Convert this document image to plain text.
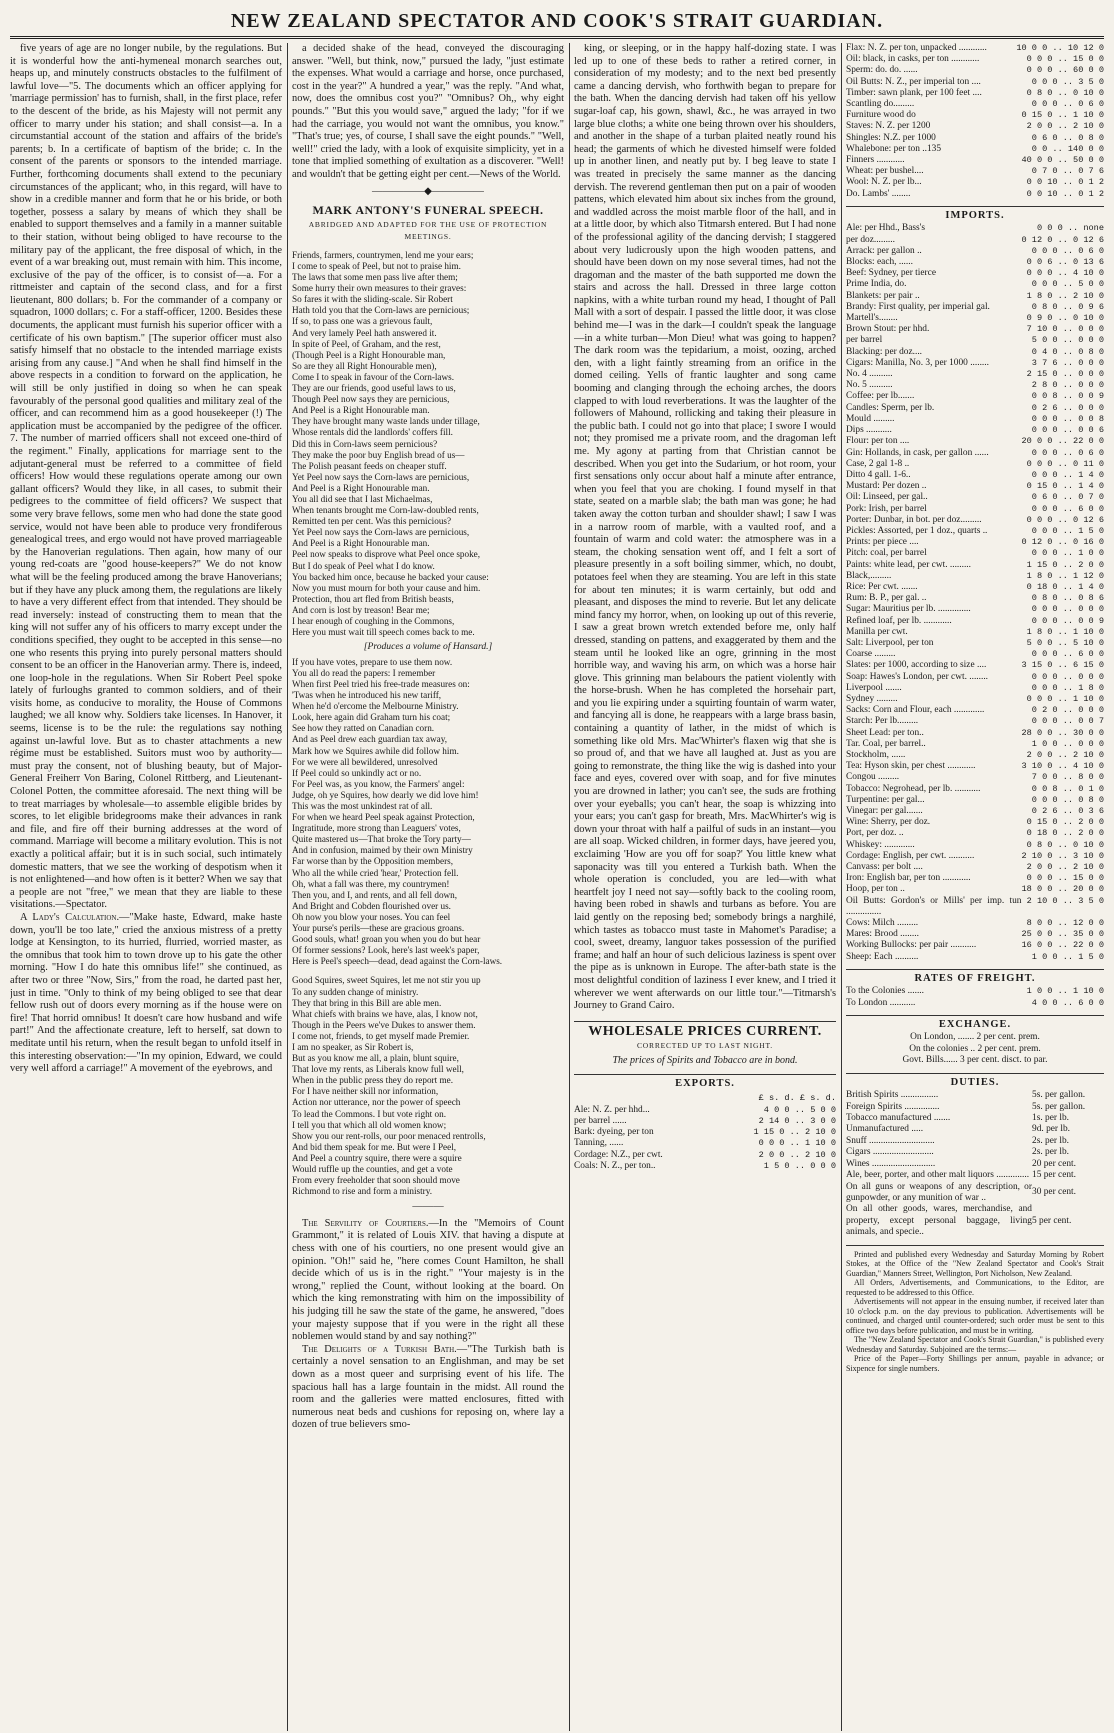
NEW ZEALAND SPECTATOR AND COOK'S STRAIT GUARDIAN.

five years of age are no longer nubile, by the regulations. But it is wonderful how the anti-hymeneal monarch searches out, heaps up, and minutely constructs obstacles to the fulfilment of lawful love—"5. The documents which an officer applying for 'marriage permission' has to furnish, shall, in the first place, refer to the descent of the bride, as his Majesty will not permit any officer to marry under his station; and shall consist—a. In a circumstantial account of the station and affairs of the bride's parents; b. In a certificate of baptism of the bride; c. In the consent of the parents or sponsors to the intended marriage. Further, forthcoming documents shall extend to the pecuniary circumstances of the applicant; who, in this regard, will have to show in a credible manner and form that he or his bride, or both together, possess a salary by means of which they shall be enabled to support themselves and a family in a manner suitable to their station, without being obliged to have recourse to the military pay of the applicant, the free disposal of which, in the event of a war breaking out, must remain with him. This income, exclusive of the pay of the officer, is to consist of—a. For a rittmeister and captain of the second class, and for a first lieutenant, 800 dollars; b. For the commander of a company or squadron, 1000 dollars; c. For a staff-officer, 1200. Besides these documents, the applicant must furnish his superior officer with a certificate of his own baptism." [The superior officer must also satisfy himself that no obstacle to the intended marriage exists arising from any cause.] "And when he shall find himself in the above respects in a condition to forward on the application, he will still be only justified in doing so when he can speak favourably of the personal good qualities and military zeal of the officer, and can recommend him as a good housekeeper (!) The application must be accompanied by the pedigree of the officer. 7. The number of married officers shall not exceed one-third of the regiment." Finally, applications for marriage sent to the adjutant-general must be referred to a committee of field officers! How would these regulations operate among our own gallant officers? Would they like, in all cases, to submit their pedigrees to the committee of field officers? We suspect that some very brave fellows, some men who had done the state good service, would not have been able to produce very frondiferous genealogical trees, and ergo would not have proved marriageable by the Hanoverian regulations. Then again, how many of our young red-coats are "good house-keepers?" We do not know what will be the feeling produced among the brave Hanoverians; but if they have any pluck among them, the regulations are likely to have a very different effect from that intended. They should be read inversely: instead of constructing them to mean that the king will not suffer any of his officers to marry except under the conditions specified, they ought to be accepted in this sense—no one who resents this prying into purely personal matters should consent to be an officer in the Hanoverian army. There is, indeed, one loop-hole in the regulations. When Sir Robert Peel spoke lately of furloughs granted to common soldiers, and of their visits home, as conducive to morality, the House of Commons laughed; we all know why. Soldiers take licenses. In Hanover, it seems, license is to be the rule: the regulations say nothing against un-lawful love. But as to chaster attachments a new régime must be established. Suitors must woo by authority—must pray the consent, not of blushing beauty, but of Major-General Freiherr Von Baring, Colonel Rittberg, and Lieutenant-Colonel Potten, the committee aforesaid. The next thing will be to treat marriages by wholesale—to assemble eligible brides by scores, to let eligible bridegrooms make their advances in rank and file, and fire off their burning addresses at the word of command. Marriage will become a military evolution. This is not exactly a political affair; but it is in such social, such intimately domestic matters, that we see the working of despotism when it is not enlightened—and how often is it better? When we say that a people are not "free," we mean that they are liable to these visitations.—Spectator.

A Lady's Calculation.—"Make haste, Edward, make haste down, you'll be too late," cried the anxious mistress of a pretty lodge at Kensington, to its hurried, flurried, worried master, as the omnibus that took him to town drove up to his gate the other morning. "How I do hate this omnibus life!" she continued, as after two or three "Now, Sirs," from the road, he darted past her, just in time. "Only to think of my being obliged to see that dear fellow rush out of doors every morning as if the house were on fire! That horrid omnibus! It doesn't care how husband and wife part!" And the affectionate creature, left to herself, sat down to meditate until his return, when the result began to unfold itself in this interesting observation:—"In my opinion, Edward, we could very well afford a carriage!" A movement of the eyebrows, and

a decided shake of the head, conveyed the discouraging answer. "Well, but think, now," pursued the lady, "just estimate the expenses. What would a carriage and horse, once purchased, cost in the year?" A hundred a year," was the reply. "And what, now, does the omnibus cost you?" "Omnibus? Oh,, why eight pounds." "But this you would save," argued the lady; "for if we had the carriage, you would not want the omnibus, you know." "That's true; yes, of course, I shall save the eight pounds." "Well, well!" cried the lady, with a look of exquisite simplicity, yet in a tone that implied something of exultation as a discoverer. "Well! and wouldn't that be getting eight per cent.—News of the World.

—————◆—————
MARK ANTONY'S FUNERAL SPEECH.
ABRIDGED AND ADAPTED FOR THE USE OF PROTECTION MEETINGS.
Friends, farmers, countrymen, lend me your ears;
I come to speak of Peel, but not to praise him.
The laws that some men pass live after them;
Some hurry their own measures to their graves:
So fares it with the sliding-scale. Sir Robert
Hath told you that the Corn-laws are pernicious;
If so, to pass one was a grievous fault,
And very lamely Peel hath answered it.
In spite of Peel, of Graham, and the rest,
(Though Peel is a Right Honourable man,
So are they all Right Honourable men),
Come I to speak in favour of the Corn-laws.
They are our friends, good useful laws to us,
Though Peel now says they are pernicious,
And Peel is a Right Honourable man.
They have brought many waste lands under tillage,
Whose rentals did the landlords' coffers fill.
Did this in Corn-laws seem pernicious?
They make the poor buy English bread of us—
The Polish peasant feeds on cheaper stuff.
Yet Peel now says the Corn-laws are pernicious,
And Peel is a Right Honourable man.
You all did see that I last Michaelmas,
When tenants brought me Corn-law-doubled rents,
Remitted ten per cent. Was this pernicious?
Yet Peel now says the Corn-laws are pernicious,
And Peel is a Right Honourable man.
Peel now speaks to disprove what Peel once spoke,
But I do speak of Peel what I do know.
You backed him once, because he backed your cause:
Now you must mourn for both your cause and him.
Protection, thou art fled from British beasts,
And corn is lost by treason! Bear me;
I hear enough of coughing in the Commons,
Here you must wait till speech comes back to me.
[Produces a volume of Hansard.]
If you have votes, prepare to use them now.
You all do read the papers: I remember
When first Peel tried his free-trade measures on:
'Twas when he introduced his new tariff,
When he'd o'ercome the Melbourne Ministry.
Look, here again did Graham turn his coat;
See how they ratted on Canadian corn.
And as Peel drew each guardian tax away,
Mark how we Squires awhile did follow him.
For we were all bewildered, unresolved
If Peel could so unkindly act or no.
For Peel was, as you know, the Farmers' angel:
Judge, oh ye Squires, how dearly we did love him!
This was the most unkindest rat of all.
For when we heard Peel speak against Protection,
Ingratitude, more strong than Leaguers' votes,
Quite mastered us—That broke the Tory party—
And in confusion, maimed by their own Ministry
Far worse than by the Opposition members,
Who all the while cried 'hear,' Protection fell.
Oh, what a fall was there, my countrymen!
Then you, and I, and rents, and all fell down,
And Bright and Cobden flourished over us.
Oh now you blow your noses. You can feel
Your purse's perils—these are gracious groans.
Good souls, what! groan you when you do but hear
Of former sessions? Look, here's last week's paper,
Here is Peel's speech—dead, dead against the Corn-laws.
Good Squires, sweet Squires, let me not stir you up
To any sudden change of ministry.
They that bring in this Bill are able men.
What chiefs with brains we have, alas, I know not,
Though in the Peers we've Dukes to answer them.
I come not, friends, to get myself made Premier.
I am no speaker, as Sir Robert is,
But as you know me all, a plain, blunt squire,
That love my rents, as Liberals know full well,
When in the public press they do report me.
For I have neither skill nor information,
Action nor utterance, nor the power of speech
To lead the Commons. I but vote right on.
I tell you that which all old women know;
Show you our rent-rolls, our poor menaced rentrolls,
And bid them speak for me. But were I Peel,
And Peel a country squire, there were a squire
Would ruffle up the counties, and get a vote
From every freeholder that soon should move
Richmond to rise and form a ministry.
———

The Servility of Courtiers.—In the "Memoirs of Count Grammont," it is related of Louis XIV. that having a dispute at chess with one of his courtiers, no one present would give an opinion. "Oh!" said he, "here comes Count Hamilton, he shall decide which of us is in the right." "Your majesty is in the wrong," replied the Count, without looking at the board. On which the king remonstrating with him on the impossibility of his judging till he saw the state of the game, he answered, "does your majesty suppose that if you were in the right all these noblemen would stand by and say nothing?"

The Delights of a Turkish Bath.—"The Turkish bath is certainly a novel sensation to an Englishman, and may be set down as a most queer and surprising event of his life. The spacious hall has a large fountain in the midst. All round the room and the galleries were matted enclosures, fitted with numerous neat beds and cushions for reposing on, where lay a dozen of true believers smo-

king, or sleeping, or in the happy half-dozing state. I was led up to one of these beds to rather a retired corner, in consideration of my modesty; and to the next bed presently came a dancing dervish, who forthwith began to prepare for the bath. When the dancing dervish had taken off his yellow sugar-loaf cap, his gown, shawl, &c., he was arrayed in two large blue cloths; a white one being thrown over his shoulders, and another in the shape of a turban plaited neatly round his head; the garments of which he divested himself were folded up in another linen, and neatly put by. I beg leave to state I was treated in precisely the same manner as the dancing dervish. The reverend gentleman then put on a pair of wooden pattens, which elevated him about six inches from the ground, and waddled across the moist marble floor of the hall, and in at a little door, by which also Titmarsh entered. But I had none of the professional agility of the dancing dervish; I staggered about very ludicrously upon the high wooden pattens, and should have been down on my nose several times, had not the dragoman and the master of the bath supported me down the stairs and across the hall. Dressed in three large cotton napkins, with a white turban round my head, I thought of Pall Mall with a sort of despair. I passed the little door, it was close behind me—I was in the dark—I couldn't speak the language—in a white turban—Mon Dieu! what was going to happen? The dark room was the tepidarium, a moist, oozing, arched den, with a light faintly streaming from an orifice in the domed ceiling. Yells of frantic laughter and song came booming and clanging through the echoing arches, the doors clapped to with loud reverberations. It was the laughter of the followers of Mahound, rollicking and taking their pleasure in the public bath. I could not go into that place; I swore I would not; they promised me a private room, and the dragoman left me. My agony at parting from that Christian cannot be described. When you get into the Sudarium, or hot room, your first sensations only occur about half a minute after entrance, when you feel that you are choking. I found myself in that state, seated on a marble slab; the bath man was gone; he had taken away the cotton turban and shoulder shawl; I saw I was in a narrow room of marble, with a vaulted roof, and a fountain of warm and cold water: the atmosphere was in a steam, the choking sensation went off, and I felt a sort of pleasure presently in a soft boiling simmer, which, no doubt, potatoes feel when they are steaming. You are left in this state for about ten minutes; it is warm certainly, but odd and pleasant, and disposes the mind to reverie. But let any delicate mind fancy my horror, when, on looking up out of this reverie, I saw a great brown wretch extended before me, only half dressed, standing on pattens, and exaggerated by them and the steam until he looked like an ogre, grinning in the most horrible way, and waving his arm, on which was a horse hair glove. This grinning man belabours the patient violently with the horse-brush. When he has completed the horsehair part, and you lie expiring under a squirting fountain of warm water, and fancying all is done, he reappears with a large brass basin, containing a quantity of lather, in the midst of which is something like old Mrs. Mac'Whirter's flaxen wig that she is so proud of, and that we have all laughed at. Just as you are going to remonstrate, the thing like the wig is dashed into your face and eyes, covered over with soap, and for five minutes you are drowned in lather; you can't see, the suds are frothing over your eyeballs; you can't hear, the soap is whizzing into your ears; you can't gasp for breath, Mrs. MacWhirter's wig is down your throat with half a pailful of suds in an instant—you are all soap. Wicked children, in former days, have jeered you, exclaiming 'How are you off for soap?' You little knew what saponacity was till you entered a Turkish bath. When the whole operation is concluded, you are led—with what heartfelt joy I need not say—softly back to the cooling room, having been robed in shawls and turbans as before. You are laid gently on the reposing bed; somebody brings a narghilé, which tastes as tobacco must taste in Mahomet's Paradise; a cool, sweet, dreamy, languor takes possession of the purified frame; and half an hour of such delicious laziness is spent over the pipe as is unknown in Europe. The after-bath state is the most delightful condition of laziness I ever knew, and I tried it wherever we went afterwards on our little tour."—Titmarsh's Journey to Grand Cairo.

WHOLESALE PRICES CURRENT.
CORRECTED UP TO LAST NIGHT.
The prices of Spirits and Tobacco are in bond.
EXPORTS.
£ s. d. £ s. d.
Ale: N. Z. per hhd...	4 0 0 .. 5 0 0
per barrel ......	2 14 0 .. 3 0 0
Bark: dyeing, per ton	1 15 0 .. 2 10 0
Tanning, ......	0 0 0 .. 1 10 0
Cordage: N.Z., per cwt.	2 0 0 .. 2 10 0
Coals: N. Z., per ton..	1 5 0 .. 0 0 0
Flax: N. Z. per ton, unpacked ............	10 0 0 .. 10 12 0
Oil: black, in casks, per ton ............	0 0 0 .. 15 0 0
Sperm: do. do. ......	0 0 0 .. 60 0 0
Oil Butts: N. Z., per imperial ton ....	0 0 0 .. 3 5 0
Timber: sawn plank, per 100 feet ....	0 8 0 .. 0 10 0
Scantling do.........	0 0 0 .. 0 6 0
Furniture wood do	0 15 0 .. 1 10 0
Staves: N. Z. per 1200	2 0 0 .. 2 10 0
Shingles: N.Z. per 1000	0 6 0 .. 0 8 0
Whalebone: per ton ..135	0 0 .. 140 0 0
Finners ............	40 0 0 .. 50 0 0
Wheat: per bushel....	0 7 0 .. 0 7 6
Wool: N. Z. per lb...	0 0 10 .. 0 1 2
Do. Lambs' ........	0 0 10 .. 0 1 2
IMPORTS.
Ale: per Hhd., Bass's	0 0 0 .. none
per doz.........	0 12 0 .. 0 12 6
Arrack: per gallon ..	0 0 0 .. 0 6 0
Blocks: each, ......	0 0 6 .. 0 13 6
Beef: Sydney, per tierce	0 0 0 .. 4 10 0
Prime India, do.	0 0 0 .. 5 0 0
Blankets: per pair ..	1 8 0 .. 2 10 0
Brandy: First quality, per imperial gal.	0 8 0 .. 0 9 6
Martell's........	0 9 0 .. 0 10 0
Brown Stout: per hhd.	7 10 0 .. 0 0 0
per barrel	5 0 0 .. 0 0 0
Blacking: per doz....	0 4 0 .. 0 8 0
Cigars: Manilla, No. 3, per 1000 ........	3 7 6 .. 0 0 0
No. 4 ..........	2 15 0 .. 0 0 0
No. 5 ..........	2 8 0 .. 0 0 0
Coffee: per lb.......	0 0 8 .. 0 0 9
Candles: Sperm, per lb.	0 2 6 .. 0 0 0
Mould .........	0 0 0 .. 0 0 8
Dips ...........	0 0 0 .. 0 0 6
Flour: per ton ....	20 0 0 .. 22 0 0
Gin: Hollands, in cask, per gallon ......	0 0 0 .. 0 6 0
Case, 2 gal 1-8 ..	0 0 0 .. 0 11 0
Ditto 4 gall. 1-6..	0 0 0 .. 1 4 0
Mustard: Per dozen ..	0 15 0 .. 1 4 0
Oil: Linseed, per gal..	0 6 0 .. 0 7 0
Pork: Irish, per barrel	0 0 0 .. 6 0 0
Porter: Dunbar, in bot. per doz.........	0 0 0 .. 0 12 6
Pickles: Assorted, per 1 doz., quarts ..	0 0 0 .. 1 5 0
Prints: per piece ....	0 12 0 .. 0 16 0
Pitch: coal, per barrel	0 0 0 .. 1 0 0
Paints: white lead, per cwt. .........	1 15 0 .. 2 0 0
Black,.........	1 8 0 .. 1 12 0
Rice: Per cwt. .......	0 18 0 .. 1 4 0
Rum: B. P., per gal. ..	0 8 0 .. 0 8 6
Sugar: Mauritius per lb. ..............	0 0 0 .. 0 0 0
Refined loaf, per lb. ............	0 0 0 .. 0 0 9
Manilla per cwt.	1 8 0 .. 1 10 0
Salt: Liverpool, per ton	5 0 0 .. 5 10 0
Coarse .........	0 0 0 .. 6 0 0
Slates: per 1000, according to size ....	3 15 0 .. 6 15 0
Soap: Hawes's London, per cwt. ........	0 0 0 .. 0 0 0
Liverpool .......	0 0 0 .. 1 8 0
Sydney .........	0 0 0 .. 1 10 0
Sacks: Corn and Flour, each .............	0 2 0 .. 0 0 0
Starch: Per lb.........	0 0 0 .. 0 0 7
Sheet Lead: per ton..	28 0 0 .. 30 0 0
Tar. Coal, per barrel..	1 0 0 .. 0 0 0
Stockholm, ......	2 0 0 .. 2 10 0
Tea: Hyson skin, per chest ............	3 10 0 .. 4 10 0
Congou .........	7 0 0 .. 8 0 0
Tobacco: Negrohead, per lb. ...........	0 0 8 .. 0 1 0
Turpentine: per gal...	0 0 0 .. 0 8 0
Vinegar: per gal.......	0 2 6 .. 0 3 6
Wine: Sherry, per doz.	0 15 0 .. 2 0 0
Port, per doz. ..	0 18 0 .. 2 0 0
Whiskey: .............	0 8 0 .. 0 10 0
Cordage: English, per cwt. ...........	2 10 0 .. 3 10 0
Canvass: per bolt ....	2 0 0 .. 2 10 0
Iron: English bar, per ton ............	0 0 0 .. 15 0 0
Hoop, per ton ..	18 0 0 .. 20 0 0
Oil Butts: Gordon's or Mills' per imp. tun ...............	2 10 0 .. 3 5 0
Cows: Milch .........	8 0 0 .. 12 0 0
Mares: Brood ........	25 0 0 .. 35 0 0
Working Bullocks: per pair ...........	16 0 0 .. 22 0 0
Sheep: Each ..........	1 0 0 .. 1 5 0
RATES OF FREIGHT.
To the Colonies .......	1 0 0 .. 1 10 0
To London ...........	4 0 0 .. 6 0 0
EXCHANGE.
On London, ....... 2 per cent. prem.
On the colonies .. 2 per cent. prem.
Govt. Bills...... 3 per cent. disct. to par.
DUTIES.
British Spirits ................	5s. per gallon.
Foreign Spirits ...............	5s. per gallon.
Tobacco manufactured .......	1s. per lb.
Unmanufactured .....	9d. per lb.
Snuff ............................	2s. per lb.
Cigars ..........................	2s. per lb.
Wines ...........................	20 per cent.
Ale, beer, porter, and other malt liquors ..............	15 per cent.
On all guns or weapons of any description, or gunpowder, or any munition of war ..	30 per cent.
On all other goods, wares, merchandise, and property, except personal baggage, living animals, and specie..	5 per cent.

Printed and published every Wednesday and Saturday Morning by Robert Stokes, at the Office of the "New Zealand Spectator and Cook's Strait Guardian," Manners Street, Wellington, Port Nicholson, New Zealand.

All Orders, Advertisements, and Communications, to the Editor, are requested to be addressed to this Office.

Advertisements will not appear in the ensuing number, if received later than 10 o'clock p.m. on the day previous to publication. Advertisements will be continued, and charged until counter-ordered; such order must be sent to this office two days before publication, and must be in writing.

The "New Zealand Spectator and Cook's Strait Guardian," is published every Wednesday and Saturday. Subjoined are the terms:—

Price of the Paper—Forty Shillings per annum, payable in advance; or Sixpence for single numbers.
